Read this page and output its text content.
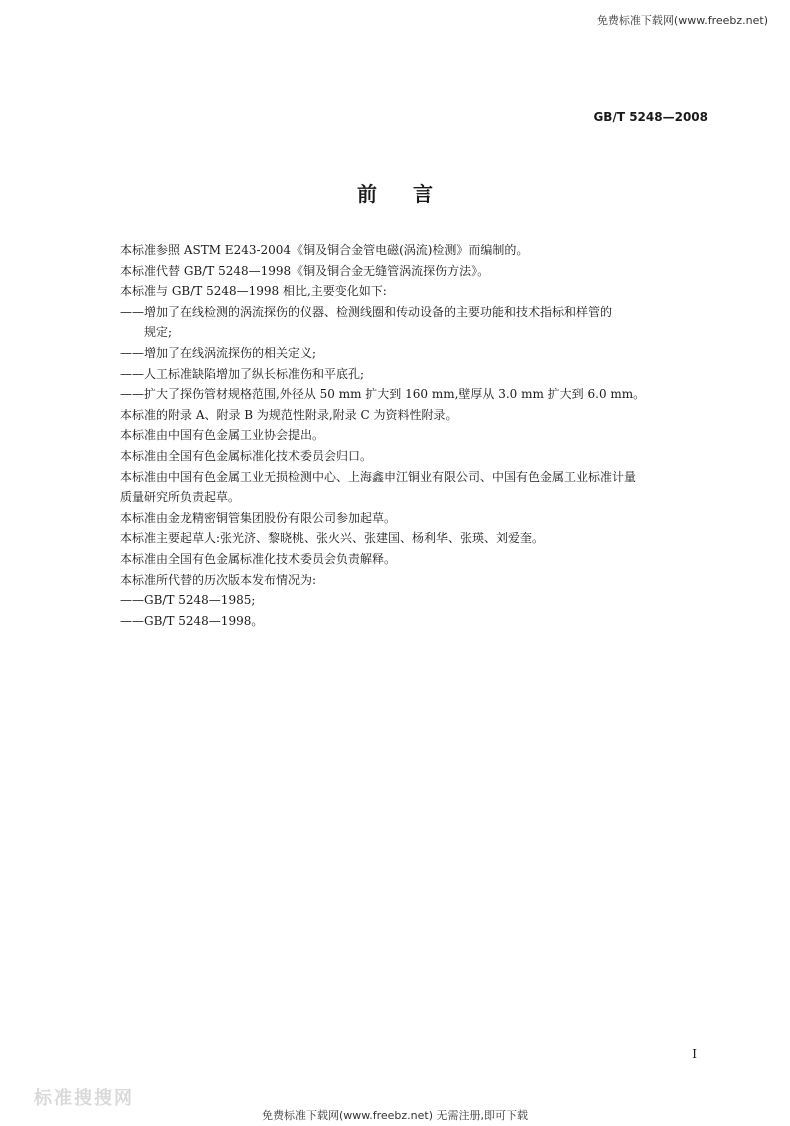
免费标准下载网(www.freebz.net)
GB/T 5248—2008
前言

本标准参照 ASTM E243-2004《铜及铜合金管电磁(涡流)检测》而编制的。

本标准代替 GB/T 5248—1998《铜及铜合金无缝管涡流探伤方法》。

本标准与 GB/T 5248—1998 相比,主要变化如下:

——增加了在线检测的涡流探伤的仪器、检测线圈和传动设备的主要功能和技术指标和样管的
规定;
——增加了在线涡流探伤的相关定义;
——人工标准缺陷增加了纵长标准伤和平底孔;
——扩大了探伤管材规格范围,外径从 50 mm 扩大到 160 mm,壁厚从 3.0 mm 扩大到 6.0 mm。

本标准的附录 A、附录 B 为规范性附录,附录 C 为资料性附录。

本标准由中国有色金属工业协会提出。

本标准由全国有色金属标准化技术委员会归口。

本标准由中国有色金属工业无损检测中心、上海鑫申江铜业有限公司、中国有色金属工业标准计量

质量研究所负责起草。

本标准由金龙精密铜管集团股份有限公司参加起草。

本标准主要起草人:张光济、黎晓桃、张火兴、张建国、杨利华、张瑛、刘爱奎。

本标准由全国有色金属标准化技术委员会负责解释。

本标准所代替的历次版本发布情况为:

——GB/T 5248—1985;
——GB/T 5248—1998。
I
标准搜搜网
免费标准下载网(www.freebz.net) 无需注册,即可下载
